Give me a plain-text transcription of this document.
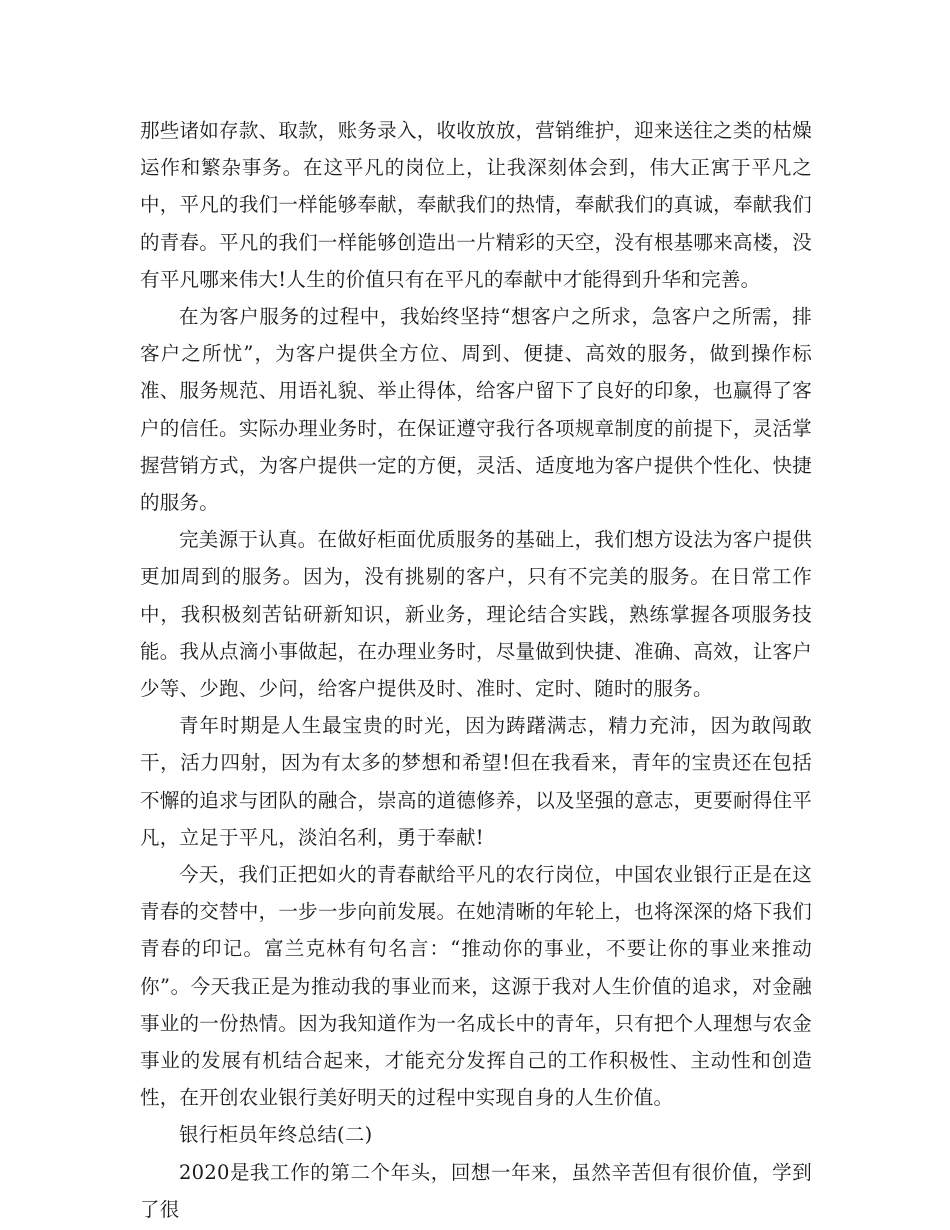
那些诸如存款、取款，账务录入，收收放放，营销维护，迎来送往之类的枯燥运作和繁杂事务。在这平凡的岗位上，让我深刻体会到，伟大正寓于平凡之中，平凡的我们一样能够奉献，奉献我们的热情，奉献我们的真诚，奉献我们的青春。平凡的我们一样能够创造出一片精彩的天空，没有根基哪来高楼，没有平凡哪来伟大!人生的价值只有在平凡的奉献中才能得到升华和完善。

在为客户服务的过程中，我始终坚持“想客户之所求，急客户之所需，排客户之所忧”，为客户提供全方位、周到、便捷、高效的服务，做到操作标准、服务规范、用语礼貌、举止得体，给客户留下了良好的印象，也赢得了客户的信任。实际办理业务时，在保证遵守我行各项规章制度的前提下，灵活掌握营销方式，为客户提供一定的方便，灵活、适度地为客户提供个性化、快捷的服务。

完美源于认真。在做好柜面优质服务的基础上，我们想方设法为客户提供更加周到的服务。因为，没有挑剔的客户，只有不完美的服务。在日常工作中，我积极刻苦钻研新知识，新业务，理论结合实践，熟练掌握各项服务技能。我从点滴小事做起，在办理业务时，尽量做到快捷、准确、高效，让客户少等、少跑、少问，给客户提供及时、准时、定时、随时的服务。

青年时期是人生最宝贵的时光，因为踌躇满志，精力充沛，因为敢闯敢干，活力四射，因为有太多的梦想和希望!但在我看来，青年的宝贵还在包括不懈的追求与团队的融合，崇高的道德修养，以及坚强的意志，更要耐得住平凡，立足于平凡，淡泊名利，勇于奉献!

今天，我们正把如火的青春献给平凡的农行岗位，中国农业银行正是在这青春的交替中，一步一步向前发展。在她清晰的年轮上，也将深深的烙下我们青春的印记。富兰克林有句名言：“推动你的事业，不要让你的事业来推动你”。今天我正是为推动我的事业而来，这源于我对人生价值的追求，对金融事业的一份热情。因为我知道作为一名成长中的青年，只有把个人理想与农金事业的发展有机结合起来，才能充分发挥自己的工作积极性、主动性和创造性，在开创农业银行美好明天的过程中实现自身的人生价值。

银行柜员年终总结(二)

2020是我工作的第二个年头，回想一年来，虽然辛苦但有很价值，学到了很
